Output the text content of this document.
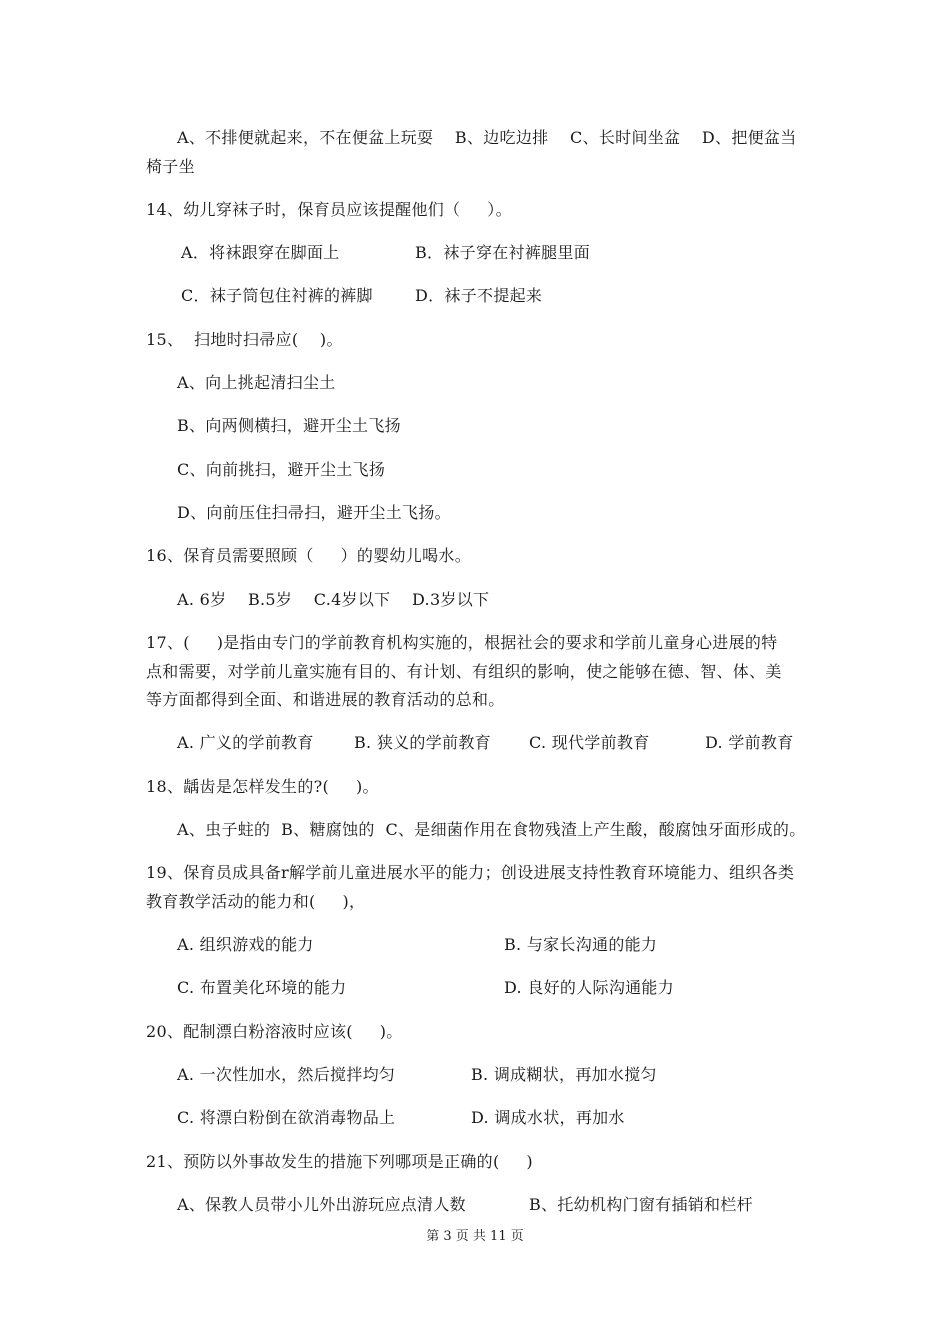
A、不排便就起来，不在便盆上玩耍    B、边吃边排    C、长时间坐盆    D、把便盆当
椅子坐
14、幼儿穿袜子时，保育员应该提醒他们（     ）。
A．将袜跟穿在脚面上	B．袜子穿在衬裤腿里面
C．袜子筒包住衬裤的裤脚	D．袜子不提起来
15、  扫地时扫帚应(    )。
A、向上挑起清扫尘土
B、向两侧横扫，避开尘土飞扬
C、向前挑扫，避开尘土飞扬
D、向前压住扫帚扫，避开尘土飞扬。
16、保育员需要照顾（     ）的婴幼儿喝水。
A. 6岁    B.5岁    C.4岁以下    D.3岁以下
17、(     )是指由专门的学前教育机构实施的，根据社会的要求和学前儿童身心进展的特
点和需要，对学前儿童实施有目的、有计划、有组织的影响，使之能够在德、智、体、美
等方面都得到全面、和谐进展的教育活动的总和。
A. 广义的学前教育	B. 狭义的学前教育 C. 现代学前教育	D. 学前教育
18、龋齿是怎样发生的?(     )。
A、虫子蛀的  B、糖腐蚀的  C、是细菌作用在食物残渣上产生酸，酸腐蚀牙面形成的。
19、保育员成具备r解学前儿童进展水平的能力；创设进展支持性教育环境能力、组织各类
教育教学活动的能力和(     )，
A. 组织游戏的能力	B. 与家长沟通的能力
C. 布置美化环境的能力	D. 良好的人际沟通能力
20、配制漂白粉溶液时应该(     )。
A. 一次性加水，然后搅拌均匀	B. 调成糊状，再加水搅匀
C. 将漂白粉倒在欲消毒物品上	D. 调成水状，再加水
21、预防以外事故发生的措施下列哪项是正确的(     )
A、保教人员带小儿外出游玩应点清人数	B、托幼机构门窗有插销和栏杆
第 3 页 共 11 页
